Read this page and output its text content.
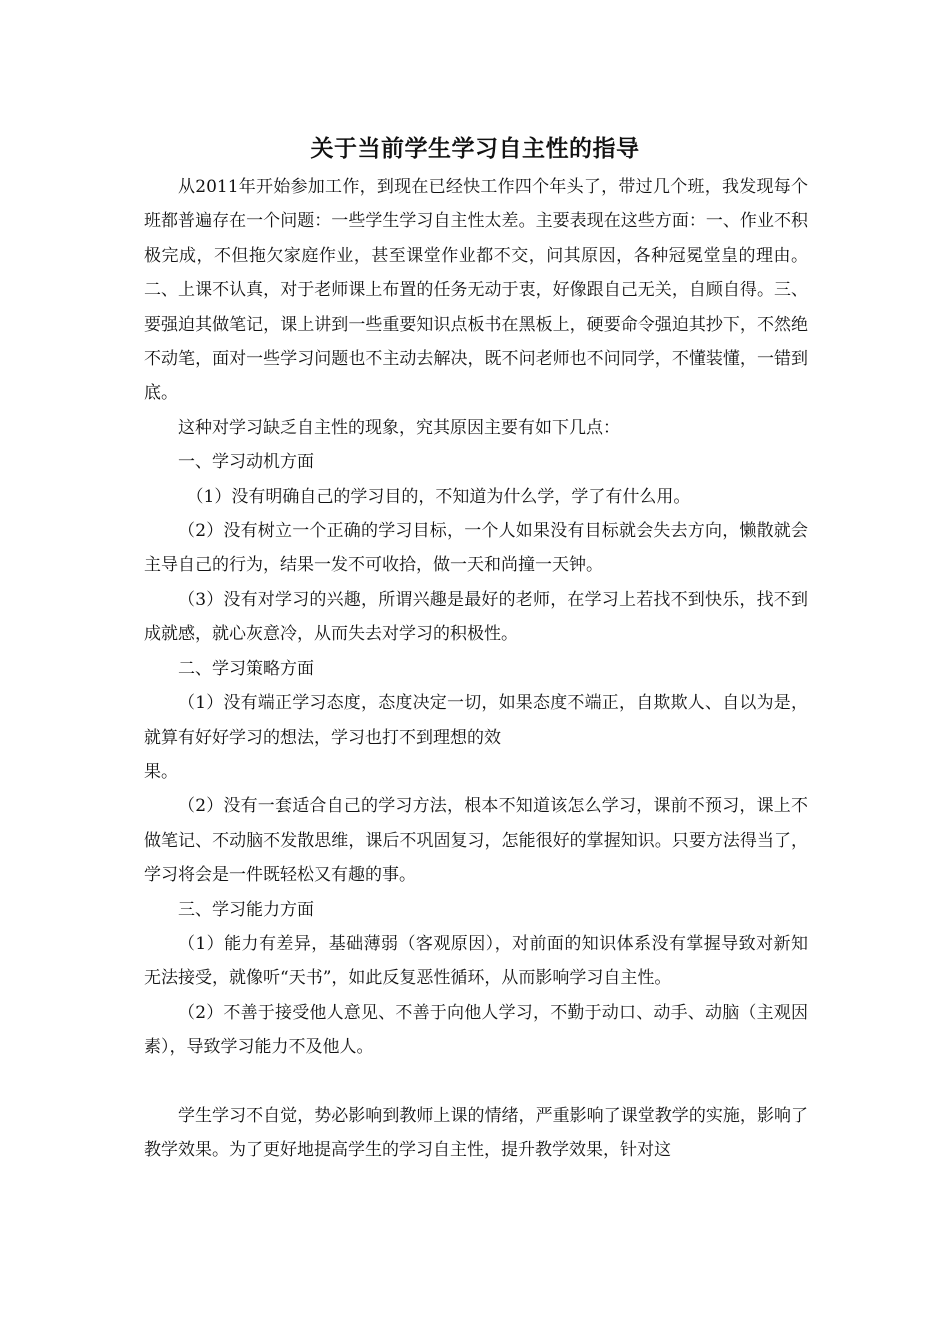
关于当前学生学习自主性的指导

从2011年开始参加工作，到现在已经快工作四个年头了，带过几个班，我发现每个班都普遍存在一个问题：一些学生学习自主性太差。主要表现在这些方面：一、作业不积极完成，不但拖欠家庭作业，甚至课堂作业都不交，问其原因，各种冠冕堂皇的理由。二、上课不认真，对于老师课上布置的任务无动于衷，好像跟自己无关，自顾自得。三、要强迫其做笔记，课上讲到一些重要知识点板书在黑板上，硬要命令强迫其抄下，不然绝不动笔，面对一些学习问题也不主动去解决，既不问老师也不问同学，不懂装懂，一错到底。

这种对学习缺乏自主性的现象，究其原因主要有如下几点：

一、学习动机方面

（1）没有明确自己的学习目的，不知道为什么学，学了有什么用。

（2）没有树立一个正确的学习目标，一个人如果没有目标就会失去方向，懒散就会主导自己的行为，结果一发不可收拾，做一天和尚撞一天钟。

（3）没有对学习的兴趣，所谓兴趣是最好的老师，在学习上若找不到快乐，找不到成就感，就心灰意冷，从而失去对学习的积极性。

二、学习策略方面

（1）没有端正学习态度，态度决定一切，如果态度不端正，自欺欺人、自以为是，就算有好好学习的想法，学习也打不到理想的效

果。

（2）没有一套适合自己的学习方法，根本不知道该怎么学习，课前不预习，课上不做笔记、不动脑不发散思维，课后不巩固复习，怎能很好的掌握知识。只要方法得当了，学习将会是一件既轻松又有趣的事。

三、学习能力方面

（1）能力有差异，基础薄弱（客观原因），对前面的知识体系没有掌握导致对新知无法接受，就像听“天书”，如此反复恶性循环，从而影响学习自主性。

（2）不善于接受他人意见、不善于向他人学习，不勤于动口、动手、动脑（主观因素），导致学习能力不及他人。

学生学习不自觉，势必影响到教师上课的情绪，严重影响了课堂教学的实施，影响了教学效果。为了更好地提高学生的学习自主性，提升教学效果，针对这
